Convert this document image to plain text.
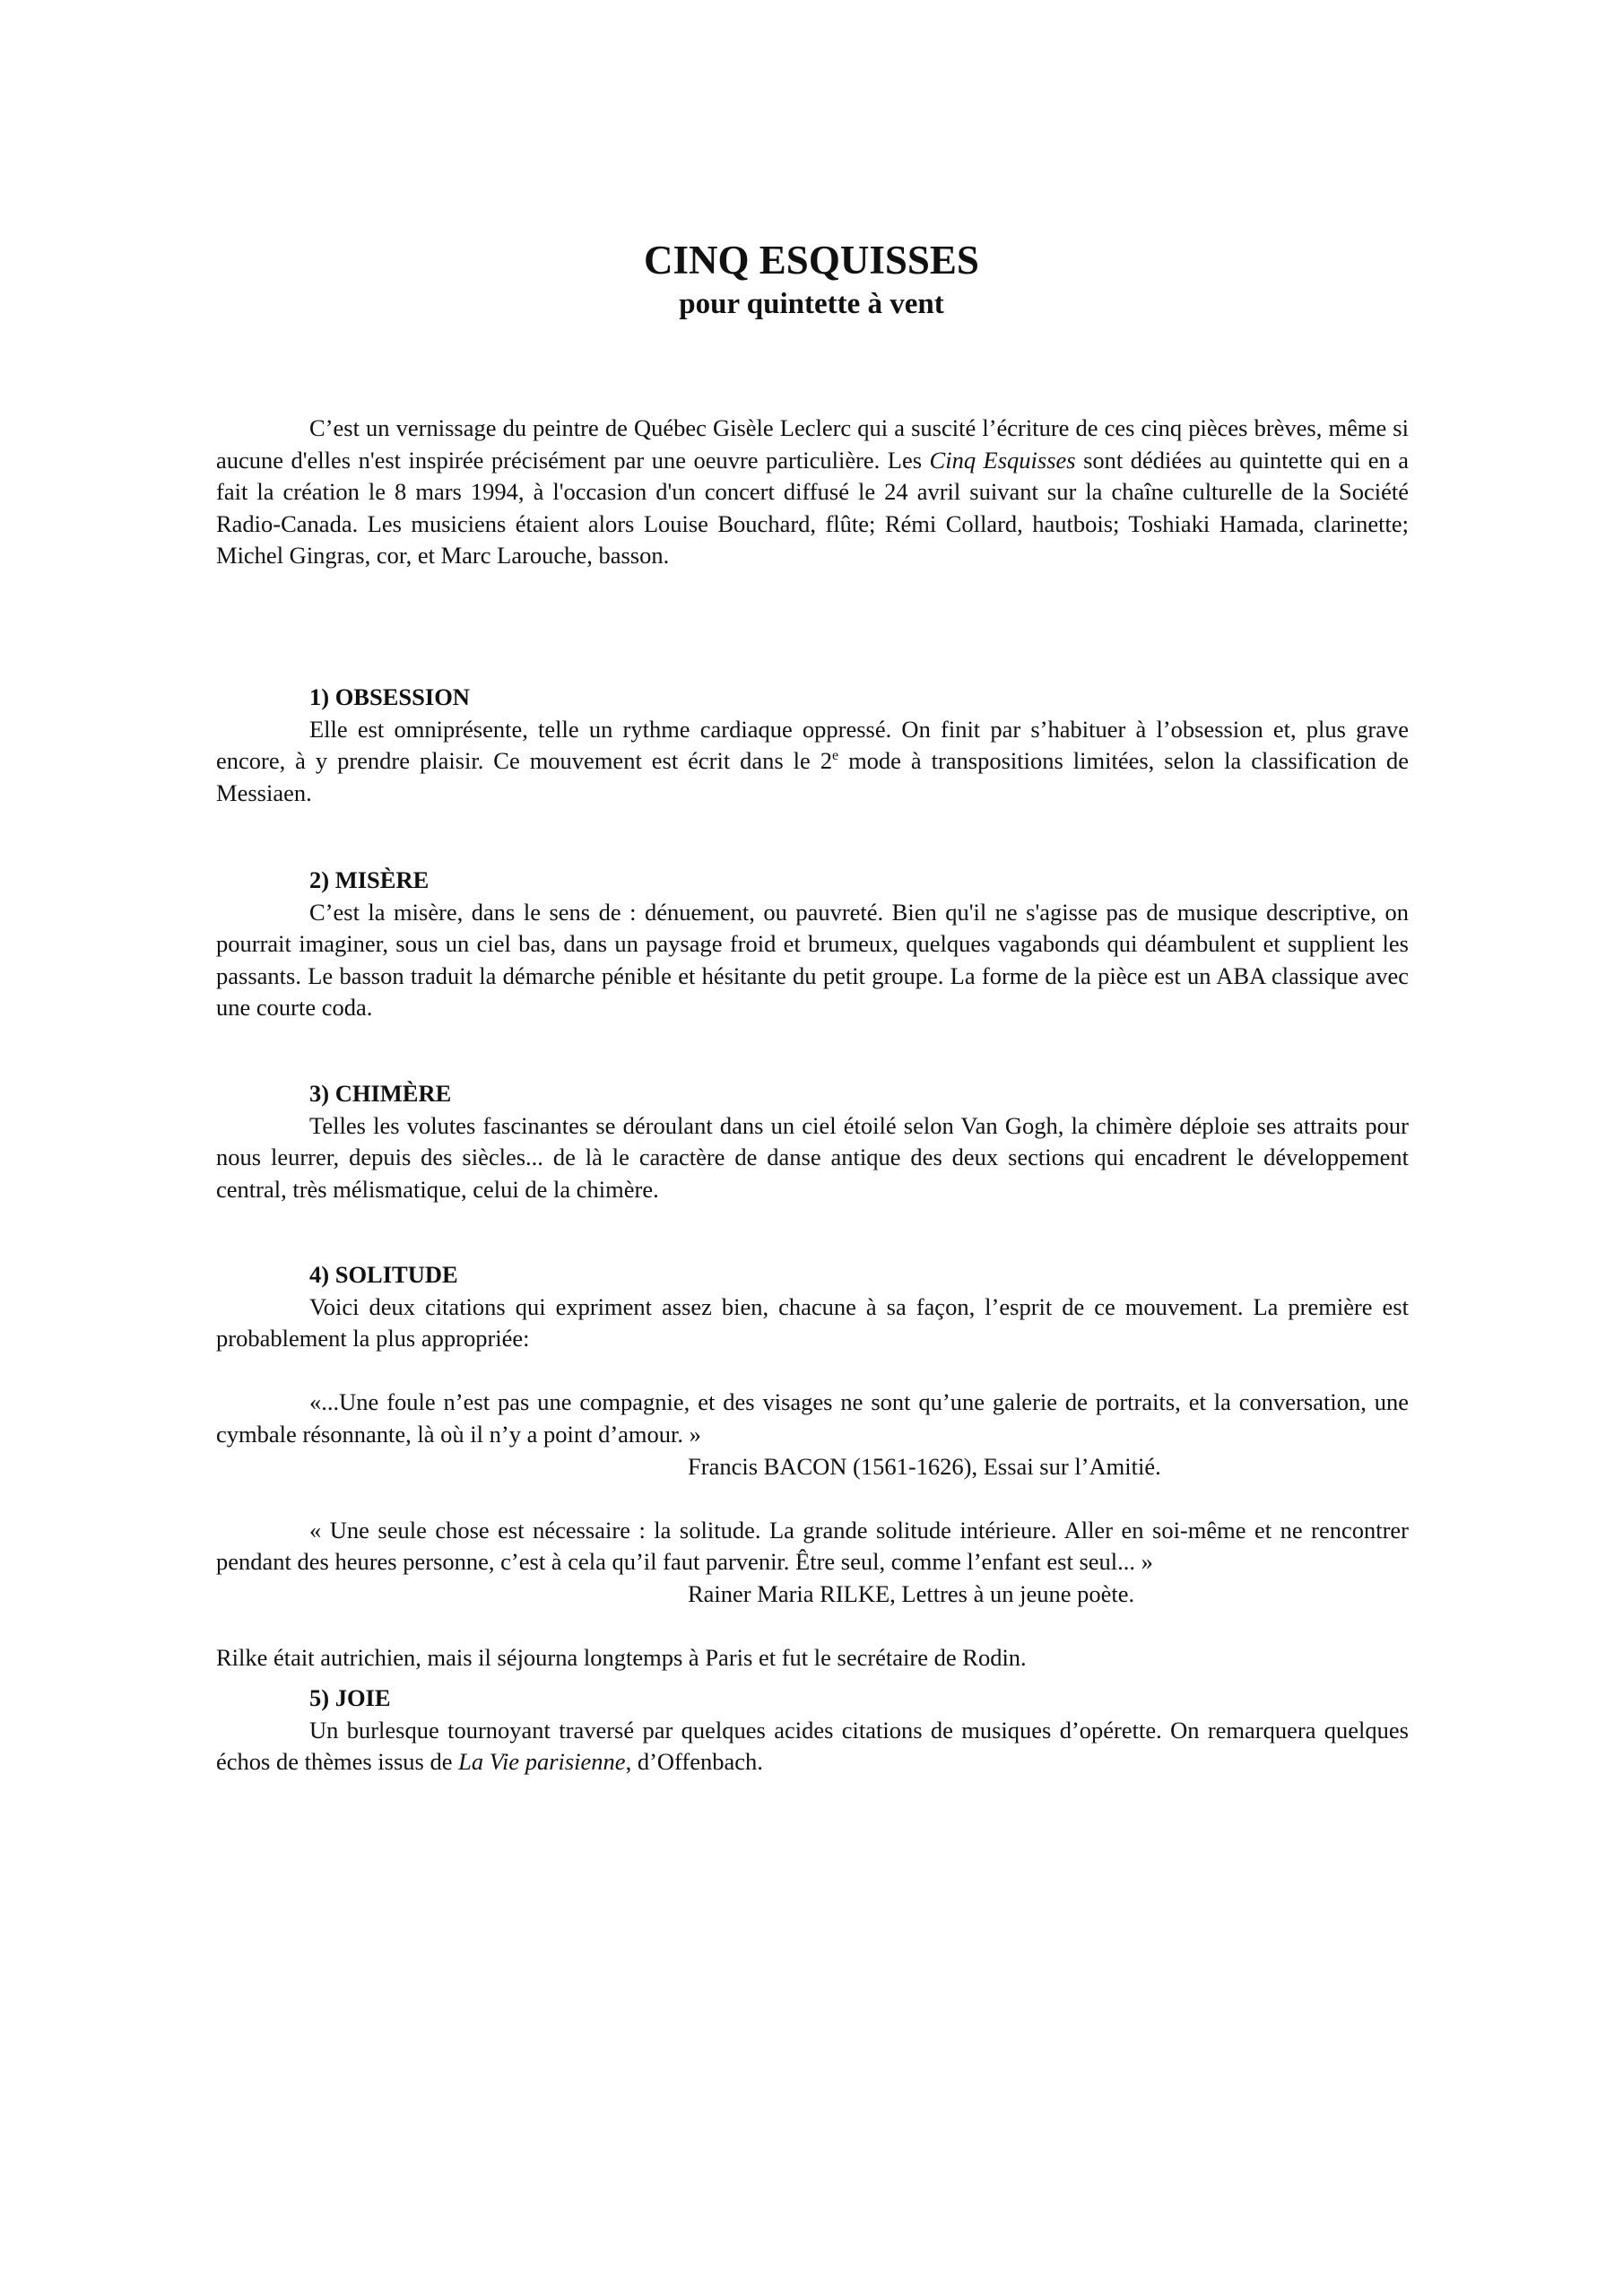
CINQ ESQUISSES
pour quintette à vent

C’est un vernissage du peintre de Québec Gisèle Leclerc qui a suscité l’écriture de ces cinq pièces brèves, même si aucune d'elles n'est inspirée précisément par une oeuvre particulière. Les Cinq Esquisses sont dédiées au quintette qui en a fait la création le 8 mars 1994, à l'occasion d'un concert diffusé le 24 avril suivant sur la chaîne culturelle de la Société Radio-Canada. Les musiciens étaient alors Louise Bouchard, flûte; Rémi Collard, hautbois; Toshiaki Hamada, clarinette; Michel Gingras, cor, et Marc Larouche, basson.

1) OBSESSION

Elle est omniprésente, telle un rythme cardiaque oppressé. On finit par s’habituer à l’obsession et, plus grave encore, à y prendre plaisir. Ce mouvement est écrit dans le 2e mode à transpositions limitées, selon la classification de Messiaen.

2) MISÈRE

C’est la misère, dans le sens de : dénuement, ou pauvreté. Bien qu'il ne s'agisse pas de musique descriptive, on pourrait imaginer, sous un ciel bas, dans un paysage froid et brumeux, quelques vagabonds qui déambulent et supplient les passants. Le basson traduit la démarche pénible et hésitante du petit groupe. La forme de la pièce est un ABA classique avec une courte coda.

3) CHIMÈRE

Telles les volutes fascinantes se déroulant dans un ciel étoilé selon Van Gogh, la chimère déploie ses attraits pour nous leurrer, depuis des siècles... de là le caractère de danse antique des deux sections qui encadrent le développement central, très mélismatique, celui de la chimère.

4) SOLITUDE

Voici deux citations qui expriment assez bien, chacune à sa façon, l’esprit de ce mouvement. La première est probablement la plus appropriée:

«...Une foule n’est pas une compagnie, et des visages ne sont qu’une galerie de portraits, et la conversation, une cymbale résonnante, là où il n’y a point d’amour. »

Francis BACON (1561-1626), Essai sur l’Amitié.

« Une seule chose est nécessaire : la solitude. La grande solitude intérieure. Aller en soi-même et ne rencontrer pendant des heures personne, c’est à cela qu’il faut parvenir. Être seul, comme l’enfant est seul... »

Rainer Maria RILKE, Lettres à un jeune poète.

Rilke était autrichien, mais il séjourna longtemps à Paris et fut le secrétaire de Rodin.

5) JOIE

Un burlesque tournoyant traversé par quelques acides citations de musiques d’opérette. On remarquera quelques échos de thèmes issus de La Vie parisienne, d’Offenbach.
